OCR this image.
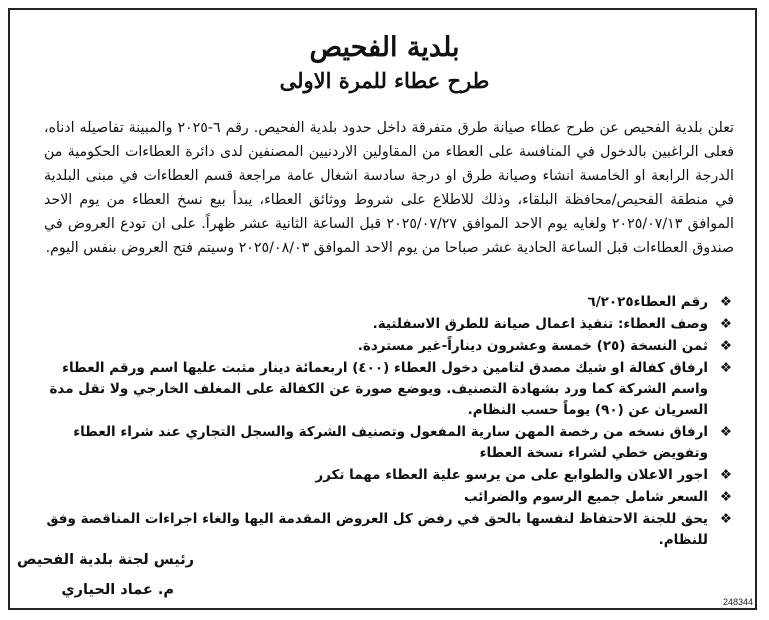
بلدية الفحيص
طرح عطاء للمرة الاولى
تعلن بلدية الفحيص عن طرح عطاء صيانة طرق متفرقة داخل حدود بلدية الفحيص. رقم ٦-٢٠٢٥ والمبينة تفاصيله ادناه، فعلى الراغبين بالدخول في المنافسة على العطاء من المقاولين الاردنيين المصنفين لدى دائرة العطاءات الحكومية من الدرجة الرابعة او الخامسة انشاء وصيانة طرق او درجة سادسة اشغال عامة مراجعة قسم العطاءات في مبنى البلدية في منطقة الفحيص/محافظة البلقاء، وذلك للاطلاع على شروط ووثائق العطاء، يبدأ بيع نسخ العطاء من يوم الاحد الموافق ٢٠٢٥/٠٧/١٣ ولغايه يوم الاحد الموافق ٢٠٢٥/٠٧/٢٧ قبل الساعة الثانية عشر ظهراً. على ان تودع العروض في صندوق العطاءات قبل الساعة الحادية عشر صباحا من يوم الاحد الموافق ٢٠٢٥/٠٨/٠٣ وسيتم فتح العروض بنفس اليوم.
❖
رقم العطاء٦/٢٠٢٥
❖
وصف العطاء: تنفيذ اعمال صيانة للطرق الاسفلتية.
❖
ثمن النسخة (٢٥) خمسة وعشرون ديناراً-غير مستردة.
❖
ارفاق كفالة او شيك مصدق لتامين دخول العطاء (٤٠٠) اربعمائة دينار مثبت عليها اسم ورقم العطاء واسم الشركة كما ورد بشهادة التصنيف. ويوضع صورة عن الكفالة على المغلف الخارجي ولا تقل مدة السريان عن (٩٠) يوماً حسب النظام.
❖
ارفاق نسخه من رخصة المهن سارية المفعول وتصنيف الشركة والسجل التجاري عند شراء العطاء وتفويض خطي لشراء نسخة العطاء
❖
اجور الاعلان والطوابع على من يرسو علية العطاء مهما تكرر
❖
السعر شامل جميع الرسوم والضرائب
❖
يحق للجنة الاحتفاظ لنفسها بالحق في رفض كل العروض المقدمة اليها والغاء اجراءات المناقصة وفق للنظام.
رئيس لجنة بلدية الفحيص
م. عماد الحياري
248344
